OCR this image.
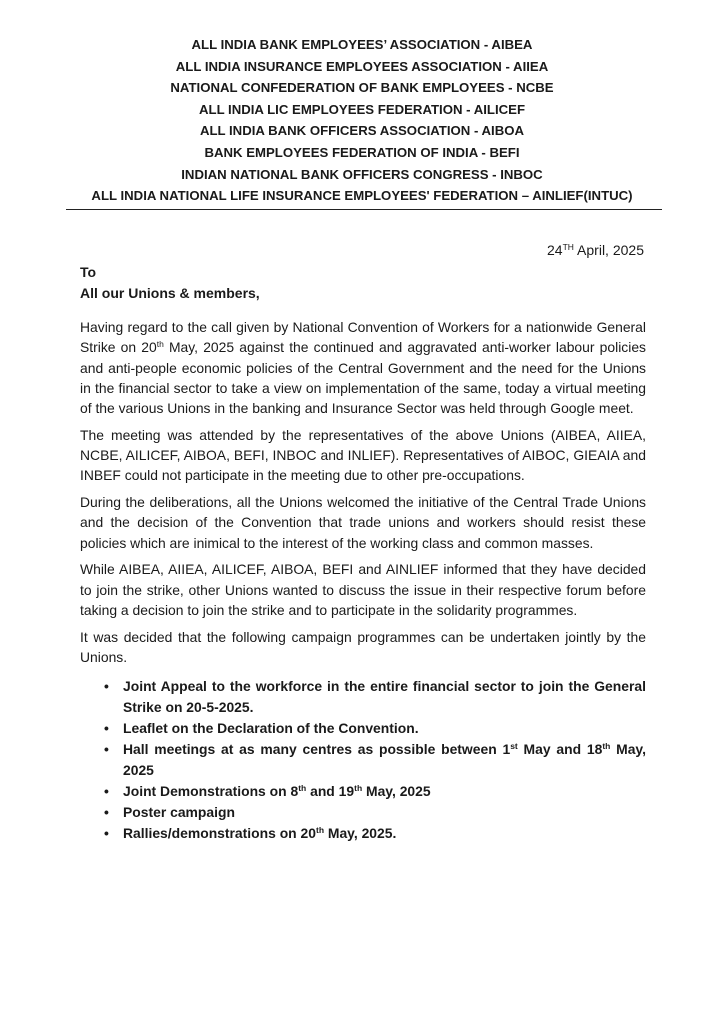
ALL INDIA BANK EMPLOYEES’ ASSOCIATION - AIBEA
ALL INDIA INSURANCE EMPLOYEES ASSOCIATION - AIIEA
NATIONAL CONFEDERATION OF BANK EMPLOYEES - NCBE
ALL INDIA LIC EMPLOYEES FEDERATION - AILICEF
ALL INDIA BANK OFFICERS ASSOCIATION - AIBOA
BANK EMPLOYEES FEDERATION OF INDIA - BEFI
INDIAN NATIONAL BANK OFFICERS CONGRESS - INBOC
ALL INDIA NATIONAL LIFE INSURANCE EMPLOYEES' FEDERATION – AINLIEF(INTUC)
24TH April, 2025
To
All our Unions & members,

Having regard to the call given by National Convention of Workers for a nationwide General Strike on 20th May, 2025 against the continued and aggravated anti-worker labour policies and anti-people economic policies of the Central Government and the need for the Unions in the financial sector to take a view on implementation of the same, today a virtual meeting of the various Unions in the banking and Insurance Sector was held through Google meet.

The meeting was attended by the representatives of the above Unions (AIBEA, AIIEA, NCBE, AILICEF, AIBOA, BEFI, INBOC and INLIEF). Representatives of AIBOC, GIEAIA and INBEF could not participate in the meeting due to other pre-occupations.

During the deliberations, all the Unions welcomed the initiative of the Central Trade Unions and the decision of the Convention that trade unions and workers should resist these policies which are inimical to the interest of the working class and common masses.

While AIBEA, AIIEA, AILICEF, AIBOA, BEFI and AINLIEF informed that they have decided to join the strike, other Unions wanted to discuss the issue in their respective forum before taking a decision to join the strike and to participate in the solidarity programmes.

It was decided that the following campaign programmes can be undertaken jointly by the Unions.

• Joint Appeal to the workforce in the entire financial sector to join the General Strike on 20-5-2025.
• Leaflet on the Declaration of the Convention.
• Hall meetings at as many centres as possible between 1st May and 18th May, 2025
• Joint Demonstrations on 8th and 19th May, 2025
• Poster campaign
• Rallies/demonstrations on 20th May, 2025.
